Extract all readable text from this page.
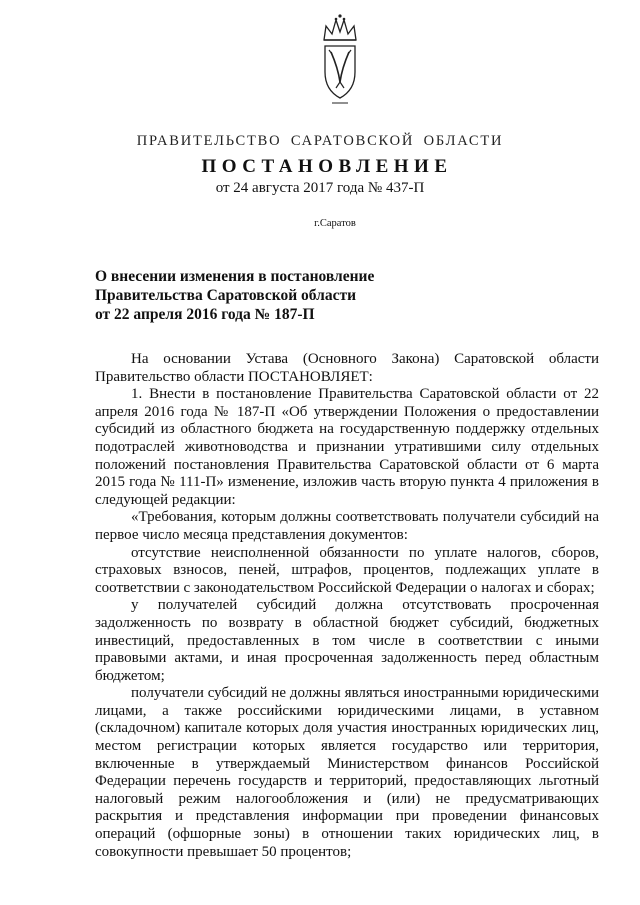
ПРАВИТЕЛЬСТВО САРАТОВСКОЙ ОБЛАСТИ
ПОСТАНОВЛЕНИЕ
от 24 августа 2017 года № 437-П
г.Саратов
О внесении изменения в постановление
Правительства Саратовской области
от 22 апреля 2016 года № 187-П

На основании Устава (Основного Закона) Саратовской области Правительство области ПОСТАНОВЛЯЕТ:

1. Внести в постановление Правительства Саратовской области от 22 апреля 2016 года № 187-П «Об утверждении Положения о предоставлении субсидий из областного бюджета на государственную поддержку отдельных подотраслей животноводства и признании утратившими силу отдельных положений постановления Правительства Саратовской области от 6 марта 2015 года № 111-П» изменение, изложив часть вторую пункта 4 приложения в следующей редакции:

«Требования, которым должны соответствовать получатели субсидий на первое число месяца представления документов:

отсутствие неисполненной обязанности по уплате налогов, сборов, страховых взносов, пеней, штрафов, процентов, подлежащих уплате в соответствии с законодательством Российской Федерации о налогах и сборах;

у получателей субсидий должна отсутствовать просроченная задолженность по возврату в областной бюджет субсидий, бюджетных инвестиций, предоставленных в том числе в соответствии с иными правовыми актами, и иная просроченная задолженность перед областным бюджетом;

получатели субсидий не должны являться иностранными юридическими лицами, а также российскими юридическими лицами, в уставном (складочном) капитале которых доля участия иностранных юридических лиц, местом регистрации которых является государство или территория, включенные в утверждаемый Министерством финансов Российской Федерации перечень государств и территорий, предоставляющих льготный налоговый режим налогообложения и (или) не предусматривающих раскрытия и представления информации при проведении финансовых операций (офшорные зоны) в отношении таких юридических лиц, в совокупности превышает 50 процентов;
